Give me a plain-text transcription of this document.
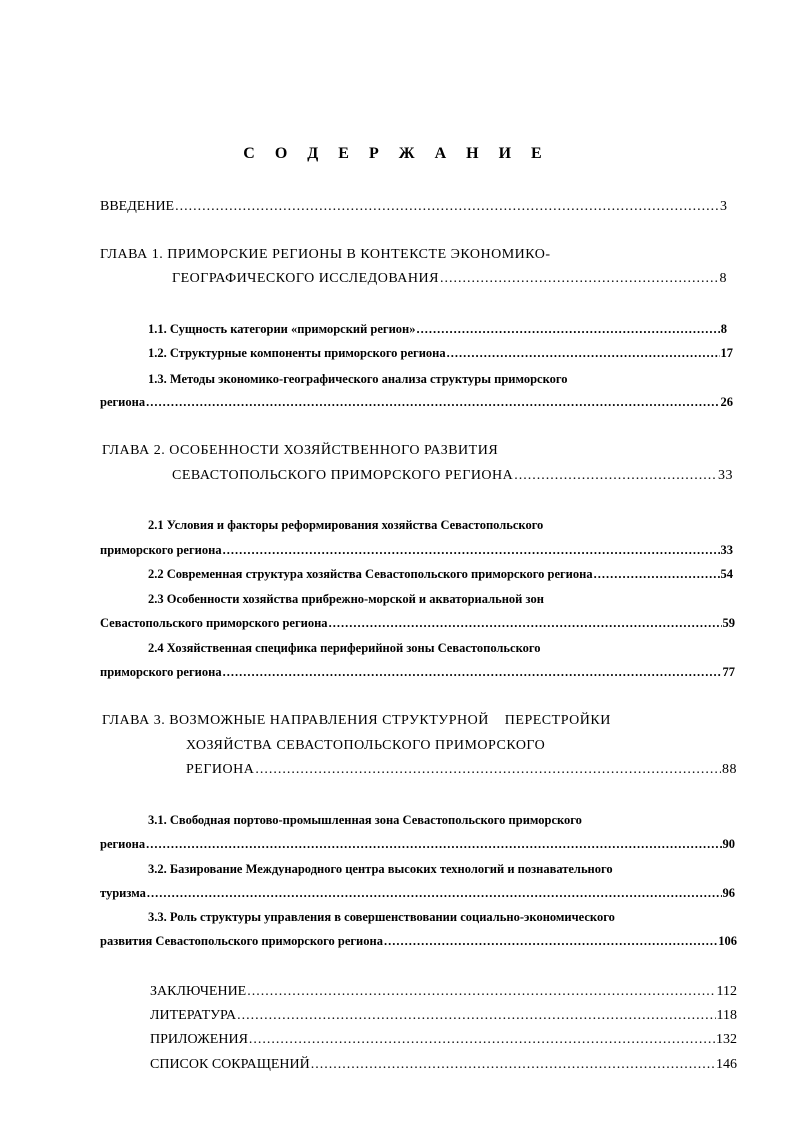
С О Д Е Р Ж А Н И Е
ВВЕДЕНИЕ .....	3
ГЛАВА 1. ПРИМОРСКИЕ РЕГИОНЫ В КОНТЕКСТЕ ЭКОНОМИКО-
ГЕОГРАФИЧЕСКОГО ИССЛЕДОВАНИЯ .....	8
1.1. Сущность категории «приморский регион» .....	8
1.2. Структурные компоненты приморского региона .....	17
1.3. Методы экономико-географического анализа структуры приморского
региона .....	26
ГЛАВА 2. ОСОБЕННОСТИ ХОЗЯЙСТВЕННОГО РАЗВИТИЯ
СЕВАСТОПОЛЬСКОГО ПРИМОРСКОГО РЕГИОНА .....	33
2.1 Условия и факторы реформирования хозяйства Севастопольского
приморского региона .....	33
2.2 Современная структура хозяйства Севастопольского приморского региона .....	54
2.3 Особенности хозяйства прибрежно-морской и акваториальной зон
Севастопольского приморского региона .....	59
2.4 Хозяйственная специфика периферийной зоны Севастопольского
приморского региона .....	77
ГЛАВА 3. ВОЗМОЖНЫЕ НАПРАВЛЕНИЯ СТРУКТУРНОЙ    ПЕРЕСТРОЙКИ
ХОЗЯЙСТВА СЕВАСТОПОЛЬСКОГО ПРИМОРСКОГО
РЕГИОНА .....	88
3.1. Свободная портово-промышленная зона Севастопольского приморского
региона .....	90
3.2. Базирование Международного центра высоких технологий и познавательного
туризма .....	96
3.3. Роль структуры управления в совершенствовании социально-экономического
развития Севастопольского приморского региона .....	106
ЗАКЛЮЧЕНИЕ .....	112
ЛИТЕРАТУРА .....	118
ПРИЛОЖЕНИЯ .....	132
СПИСОК СОКРАЩЕНИЙ .....	146
